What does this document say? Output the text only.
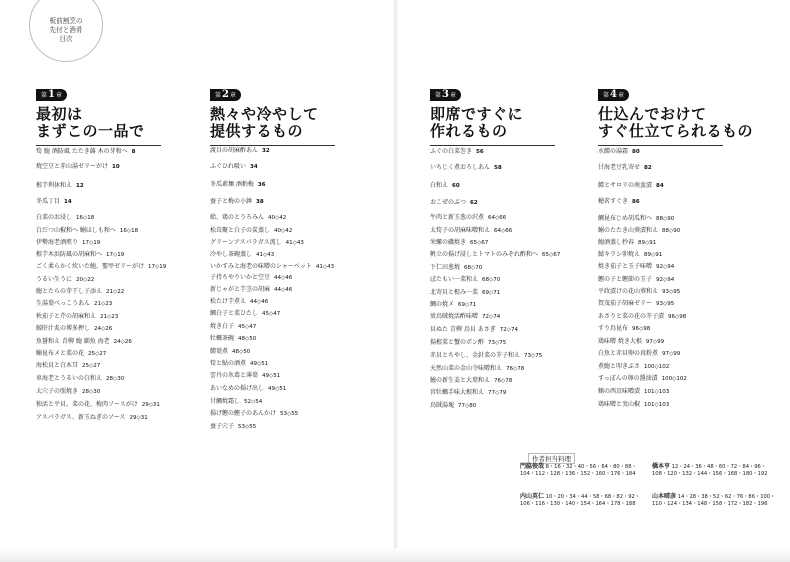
板前割烹の
先付と酒肴
目次
第 1 章
最初は
まずこの一品で
第 2 章
熱々や冷やして
提供するもの
第 3 章
即席ですぐに
作れるもの
第 4 章
仕込んでおけて
すぐ仕立てられるもの
筍 鮑 酒防風 たたき蕗 木の芽和へ 8
焼空豆と赤山湯ゼリーがけ 10
根芋利休和え 12
冬瓜丁目 14
白菜のお浸し 16◇18
白だつ山椒和へ 鰯ほしも和へ 16◇18
伊勢海老酒煎り 17◇19
根芋木浜防風の胡麻和へ 17◇19
ごく柔らかく炊いた鮑、聖甲ゼリーがけ 17◇19
うるい生うに 20◇22
鮑とたらの芽干し子添え 21◇22
生湯葉べっこうあん 21◇23
秋茄子と芹の胡麻和え 21◇23
鯨肝汁炙の博多押し 24◇26
魚醤和え 青柳 鮑 細魚 海老 24◇26
鰯昆布メと菜の花 25◇27
海松貝と白木耳 25◇27
車海老とうるいの白和え 28◇30
太穴子の照焼き 28◇30
独活と平貝、菜の花、梅肉ソースがけ 29◇31
アスパラガス、新玉ねぎのソース 29◇31
渡目の胡麻酢あん 32
ふぐひれ吸い 34
冬瓜素麺 酒粕梅 36
蚕子と梅の小鉢 38
蛤、鶏のとうろみん 40◇42
松茸聚と白子の炭蒸し 40◇42
グリーンアスパラガス流し 41◇43
冷やし茶碗蒸し 41◇43
いかすみと海老の味噌のシャーベット 41◇43
子持ちやりいかと空豆 44◇46
新じゃがと芋茎の胡麻 44◇46
松たけ芋煮え 44◇46
鯛白子と菜ひたし 45◇47
焼き白子 45◇47
牡蠣茶碗 48◇50
鱧葉煮 48◇50
筍と鮎の酒煮 49◇51
雲丹の氷葛と薄葉 49◇51
あいなめの揚げ出し 49◇51
甘鯛焼霜し 52◇54
揚げ鰹の鰹子のあんかけ 53◇55
蚕子穴子 53◇55
ふぐの白菜巻き 56
いちじく煮おろしあん 58
白和え 60
おこぜのぶつ 62
牛肉と新玉葱の沢煮 64◇66
太筍子の胡麻味噌和え 64◇66
栄螺の磯焼き 65◇67
帆立の揚げ浸しとトマトのみぞれ酢和へ 65◇67
下仁田葱焼 68◇70
ぼたもい一菜和え 68◇70
北寄貝と根み一菜 69◇71
鯛の焼メ 69◇71
蛍烏賊焼活酢味噌 72◇74
貝ぬた 青柳 鳥貝 あさぎ 72◇74
揚根菜と蟹のポン酢 73◇75
赤貝とちやし、金針菜の芥子和え 73◇75
天然山菜の金山寺味噌和え 76◇78
鰻の新生姜と大葉和え 76◇78
宮牡蠣手味大根和え 77◇79
鳥賊湯塊 77◇80
水鱧の湯霜 80
甘海老豆乳寄せ 82
鱧とサロリの南蛮漬 84
穂茗すぐき 86
鯛昆布じめ胡瓜和へ 88◇90
鰯のたたき山葵漬和え 88◇90
鮑酒蒸し抄春 89◇91
鯖キラシ卯焼え 89◇91
焼き茄子と玉子味噌 92◇94
鰹の子と鰹節の玉子 92◇94
平政漬けの花山葵和え 93◇95
賀茂茄子胡麻ゼリー 93◇95
あさりと菜の花の芥子漬 96◇98
すり鳥昆布 96◇98
鶏味噌 焼き大根 97◇99
白魚と赤貝卵の真粉煮 97◇99
煮鮑と叩きぶさ 100◇102
すっぽんの卵の醤油漬 100◇102
鶴の西京味噌漬 101◇103
鶏味噌と実山椒 101◇103
作者担当料理
門脇俊哉 8・16・32・40・56・64・80・88・104・112・128・136・152・160・176・184
橋本亨 12・24・36・48・60・72・84・96・108・120・132・144・156・168・180・192
内山英仁 10・20・34・44・58・68・82・92・106・116・130・140・154・164・178・188
山本晴彦 14・28・38・52・62・76・86・100・110・124・134・148・158・172・182・196
